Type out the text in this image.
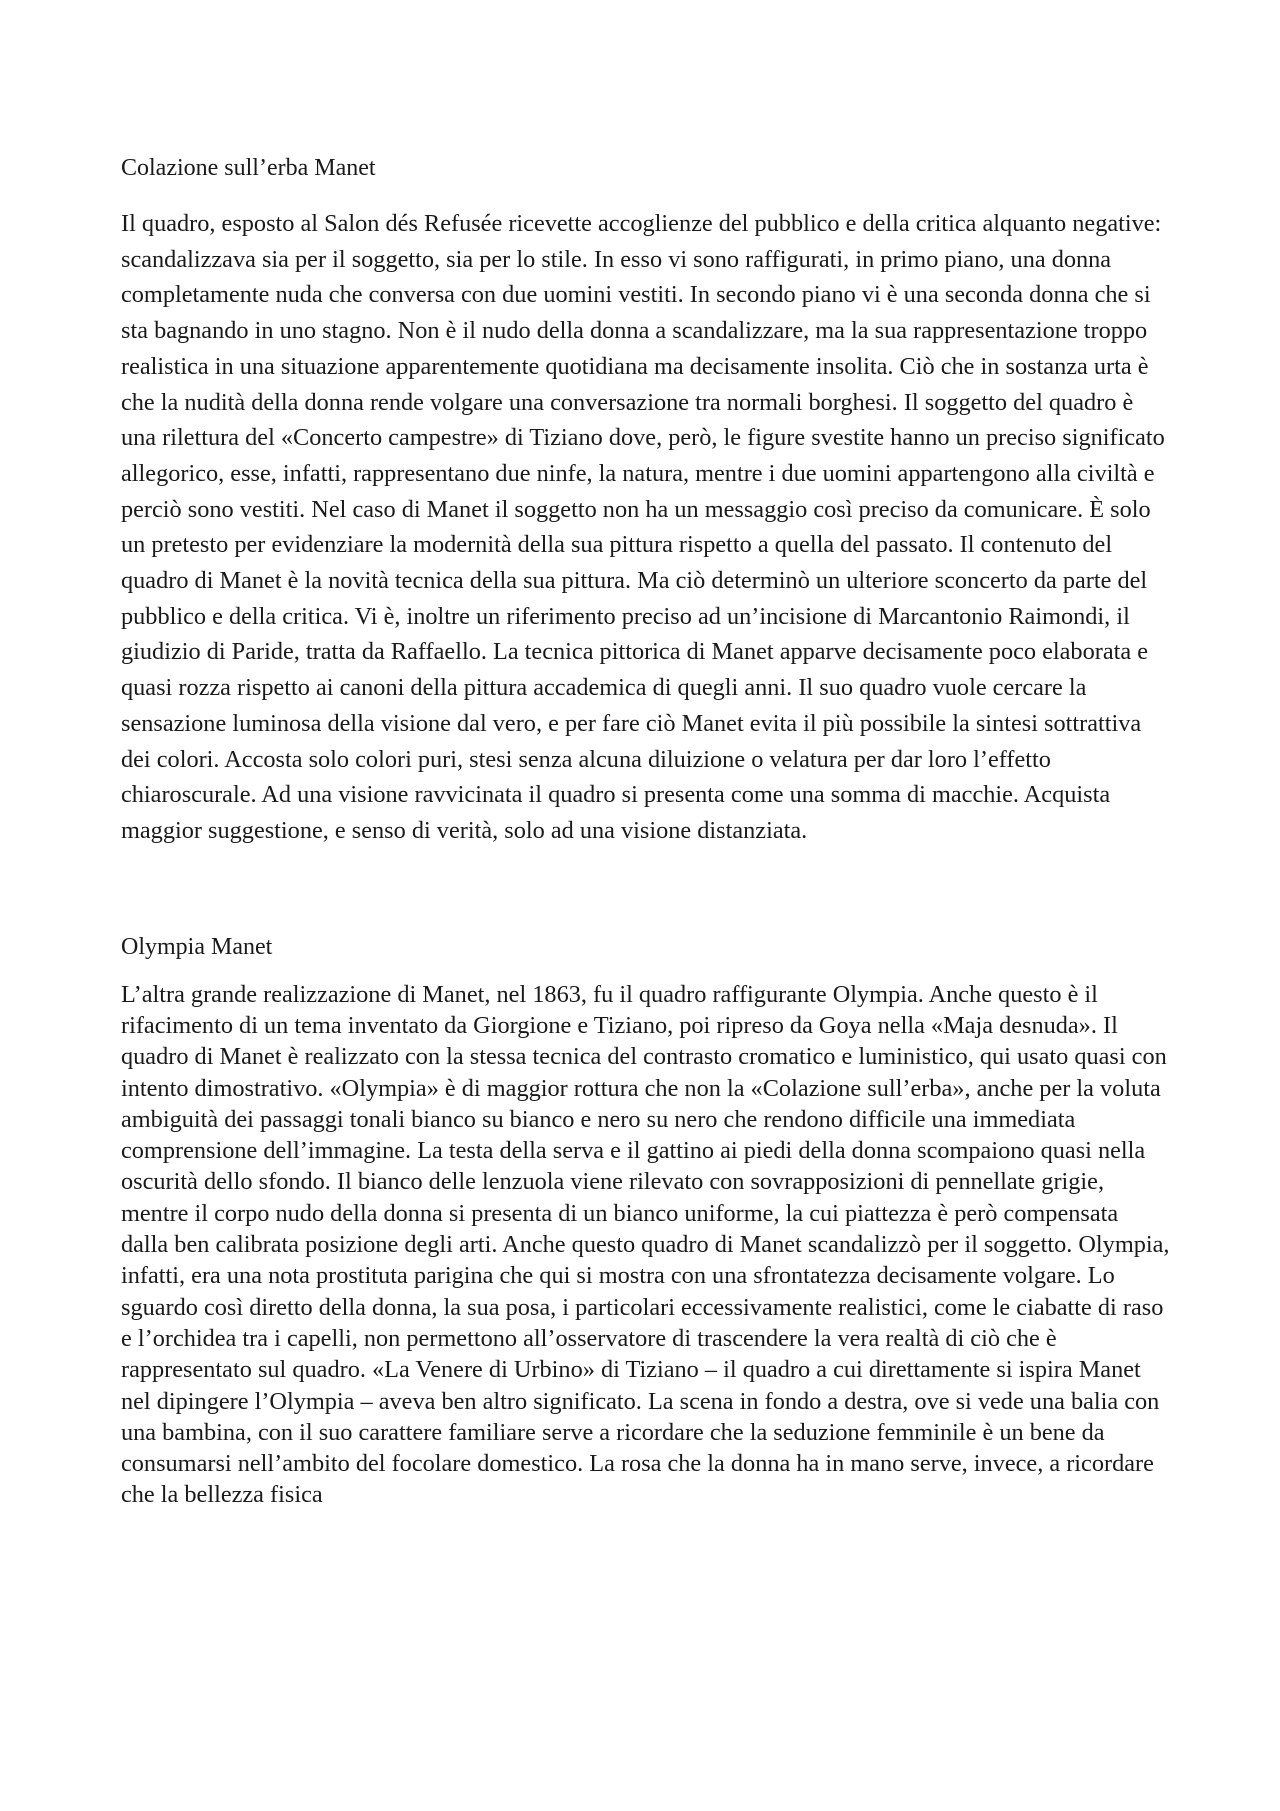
Colazione sull’erba Manet

Il quadro, esposto al Salon dés Refusée ricevette accoglienze del pubblico e della critica alquanto negative: scandalizzava sia per il soggetto, sia per lo stile. In esso vi sono raffigurati, in primo piano, una donna completamente nuda che conversa con due uomini vestiti. In secondo piano vi è una seconda donna che si sta bagnando in uno stagno. Non è il nudo della donna a scandalizzare, ma la sua rappresentazione troppo realistica in una situazione apparentemente quotidiana ma decisamente insolita. Ciò che in sostanza urta è che la nudità della donna rende volgare una conversazione tra normali borghesi. Il soggetto del quadro è una rilettura del «Concerto campestre» di Tiziano dove, però, le figure svestite hanno un preciso significato allegorico, esse, infatti, rappresentano due ninfe, la natura, mentre i due uomini appartengono alla civiltà e perciò sono vestiti. Nel caso di Manet il soggetto non ha un messaggio così preciso da comunicare. È solo un pretesto per evidenziare la modernità della sua pittura rispetto a quella del passato. Il contenuto del quadro di Manet è la novità tecnica della sua pittura. Ma ciò determinò un ulteriore sconcerto da parte del pubblico e della critica. Vi è, inoltre un riferimento preciso ad un’incisione di Marcantonio Raimondi, il giudizio di Paride, tratta da Raffaello. La tecnica pittorica di Manet apparve decisamente poco elaborata e quasi rozza rispetto ai canoni della pittura accademica di quegli anni. Il suo quadro vuole cercare la sensazione luminosa della visione dal vero, e per fare ciò Manet evita il più possibile la sintesi sottrattiva dei colori. Accosta solo colori puri, stesi senza alcuna diluizione o velatura per dar loro l’effetto chiaroscurale. Ad una visione ravvicinata il quadro si presenta come una somma di macchie. Acquista maggior suggestione, e senso di verità, solo ad una visione distanziata.

Olympia Manet

L’altra grande realizzazione di Manet, nel 1863, fu il quadro raffigurante Olympia. Anche questo è il rifacimento di un tema inventato da Giorgione e Tiziano, poi ripreso da Goya nella «Maja desnuda». Il quadro di Manet è realizzato con la stessa tecnica del contrasto cromatico e luministico, qui usato quasi con intento dimostrativo. «Olympia» è di maggior rottura che non la «Colazione sull’erba», anche per la voluta ambiguità dei passaggi tonali bianco su bianco e nero su nero che rendono difficile una immediata comprensione dell’immagine. La testa della serva e il gattino ai piedi della donna scompaiono quasi nella oscurità dello sfondo. Il bianco delle lenzuola viene rilevato con sovrapposizioni di pennellate grigie, mentre il corpo nudo della donna si presenta di un bianco uniforme, la cui piattezza è però compensata dalla ben calibrata posizione degli arti. Anche questo quadro di Manet scandalizzò per il soggetto. Olympia, infatti, era una nota prostituta parigina che qui si mostra con una sfrontatezza decisamente volgare. Lo sguardo così diretto della donna, la sua posa, i particolari eccessivamente realistici, come le ciabatte di raso e l’orchidea tra i capelli, non permettono all’osservatore di trascendere la vera realtà di ciò che è rappresentato sul quadro. «La Venere di Urbino» di Tiziano – il quadro a cui direttamente si ispira Manet nel dipingere l’Olympia – aveva ben altro significato. La scena in fondo a destra, ove si vede una balia con una bambina, con il suo carattere familiare serve a ricordare che la seduzione femminile è un bene da consumarsi nell’ambito del focolare domestico. La rosa che la donna ha in mano serve, invece, a ricordare che la bellezza fisica
